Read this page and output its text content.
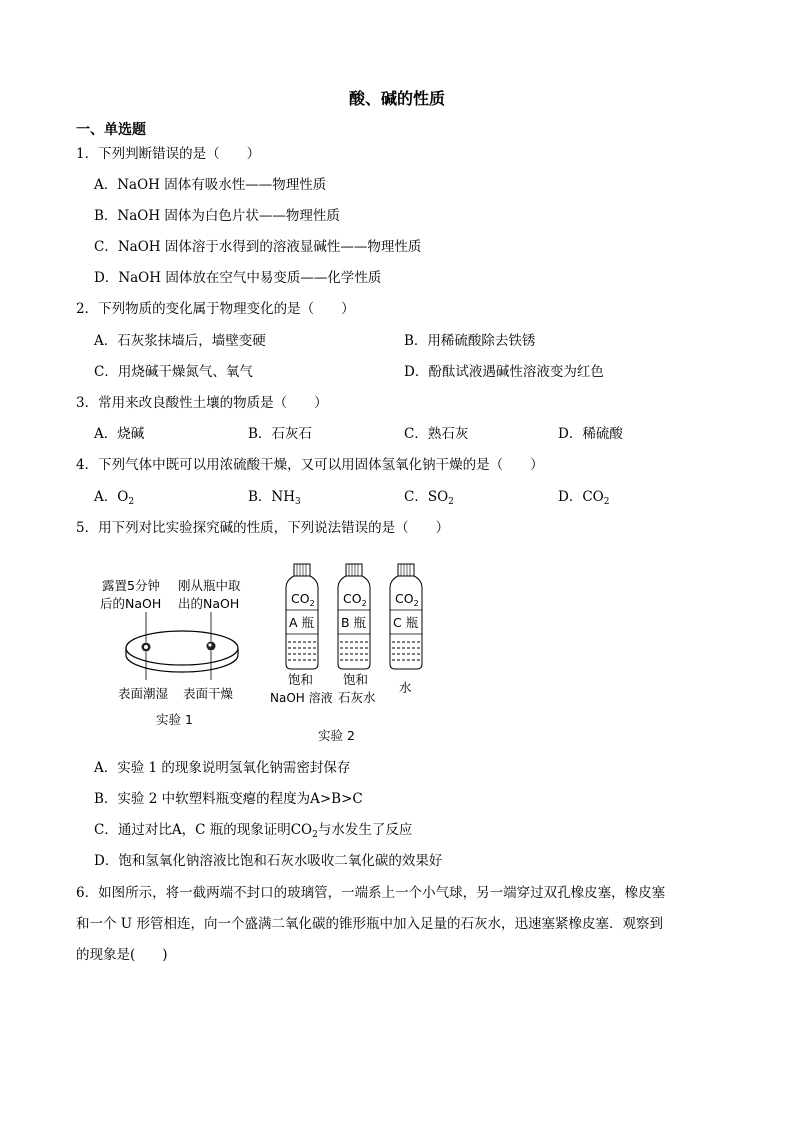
酸、碱的性质
一、单选题
1．下列判断错误的是（　　）
A．NaOH 固体有吸水性——物理性质
B．NaOH 固体为白色片状——物理性质
C．NaOH 固体溶于水得到的溶液显碱性——物理性质
D．NaOH 固体放在空气中易变质——化学性质
2．下列物质的变化属于物理变化的是（　　）
A．石灰浆抹墙后，墙壁变硬	B．用稀硫酸除去铁锈
C．用烧碱干燥氮气、氧气	D．酚酞试液遇碱性溶液变为红色
3．常用来改良酸性土壤的物质是（　　）
A．烧碱	B．石灰石	C．熟石灰	D．稀硫酸
4．下列气体中既可以用浓硫酸干燥，又可以用固体氢氧化钠干燥的是（　　）
A．$O_2$	B．$NH_3$	C．$SO_2$	D．$CO_2$
5．用下列对比实验探究碱的性质，下列说法错误的是（　　）
露置5分钟
后的NaOH
刚从瓶中取
出的NaOH
表面潮湿 表面干燥
实验 1
$CO_2$ $CO_2$ $CO_2$
A 瓶 B 瓶 C 瓶
饱和
NaOH 溶液
饱和
石灰水
水
实验 2
A．实验 1 的现象说明氢氧化钠需密封保存
B．实验 2 中软塑料瓶变瘪的程度为A>B>C
C．通过对比A，C 瓶的现象证明$CO_2$与水发生了反应
D．饱和氢氧化钠溶液比饱和石灰水吸收二氧化碳的效果好
6．如图所示，将一截两端不封口的玻璃管，一端系上一个小气球，另一端穿过双孔橡皮塞，橡皮塞
和一个 U 形管相连，向一个盛满二氧化碳的锥形瓶中加入足量的石灰水，迅速塞紧橡皮塞．观察到
的现象是(　　)
